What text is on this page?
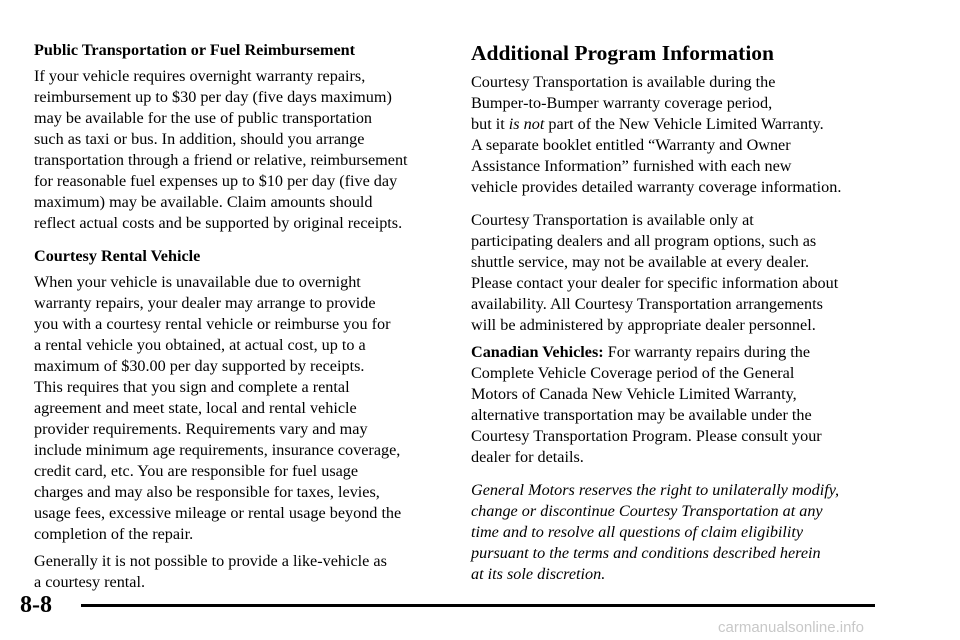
Public Transportation or Fuel Reimbursement

If your vehicle requires overnight warranty repairs,
reimbursement up to $30 per day (five days maximum)
may be available for the use of public transportation
such as taxi or bus. In addition, should you arrange
transportation through a friend or relative, reimbursement
for reasonable fuel expenses up to $10 per day (five day
maximum) may be available. Claim amounts should
reflect actual costs and be supported by original receipts.

Courtesy Rental Vehicle

When your vehicle is unavailable due to overnight
warranty repairs, your dealer may arrange to provide
you with a courtesy rental vehicle or reimburse you for
a rental vehicle you obtained, at actual cost, up to a
maximum of $30.00 per day supported by receipts.
This requires that you sign and complete a rental
agreement and meet state, local and rental vehicle
provider requirements. Requirements vary and may
include minimum age requirements, insurance coverage,
credit card, etc. You are responsible for fuel usage
charges and may also be responsible for taxes, levies,
usage fees, excessive mileage or rental usage beyond the
completion of the repair.

Generally it is not possible to provide a like‐vehicle as
a courtesy rental.

Additional Program Information

Courtesy Transportation is available during the
Bumper‐to‐Bumper warranty coverage period,
but it is not part of the New Vehicle Limited Warranty.
A separate booklet entitled “Warranty and Owner
Assistance Information” furnished with each new
vehicle provides detailed warranty coverage information.

Courtesy Transportation is available only at
participating dealers and all program options, such as
shuttle service, may not be available at every dealer.
Please contact your dealer for specific information about
availability. All Courtesy Transportation arrangements
will be administered by appropriate dealer personnel.

Canadian Vehicles: For warranty repairs during the
Complete Vehicle Coverage period of the General
Motors of Canada New Vehicle Limited Warranty,
alternative transportation may be available under the
Courtesy Transportation Program. Please consult your
dealer for details.

General Motors reserves the right to unilaterally modify,
change or discontinue Courtesy Transportation at any
time and to resolve all questions of claim eligibility
pursuant to the terms and conditions described herein
at its sole discretion.

8-8
carmanualsonline.info
